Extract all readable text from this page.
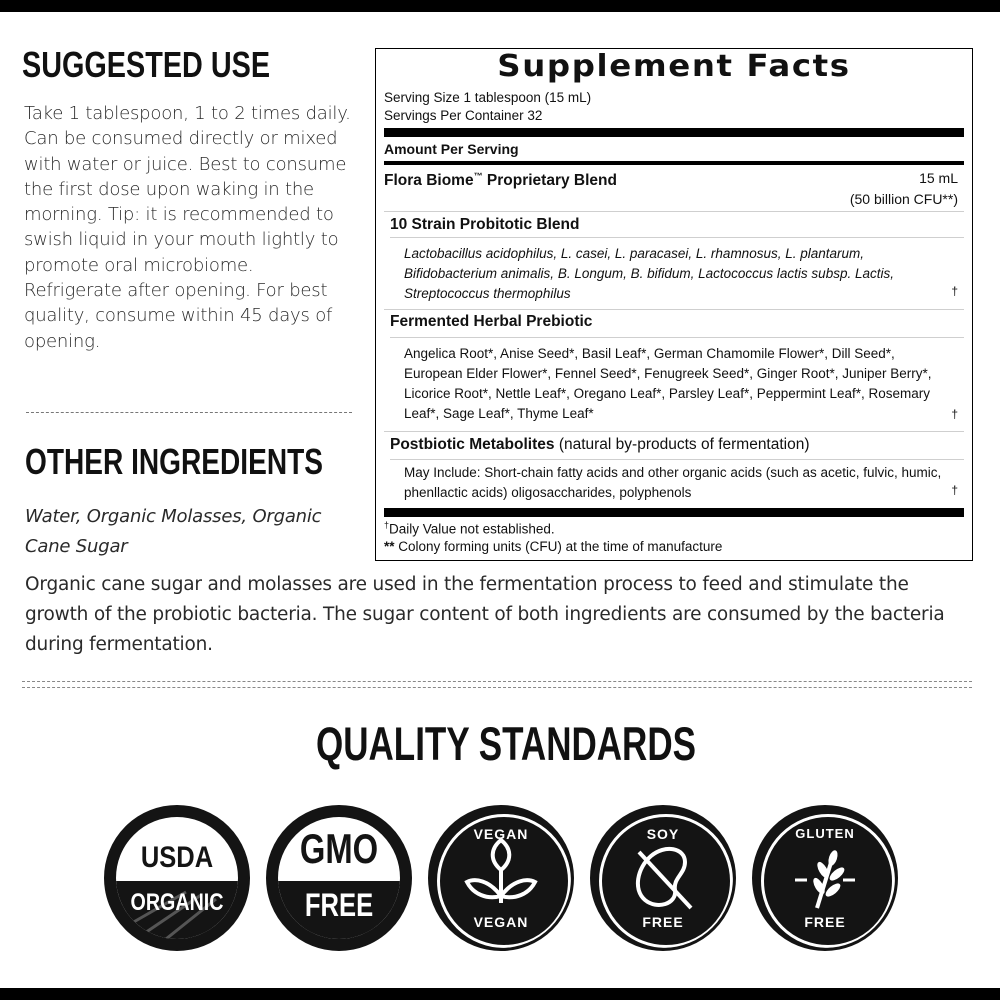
SUGGESTED USE
Take 1 tablespoon, 1 to 2 times daily. Can be consumed directly or mixed with water or juice. Best to consume the first dose upon waking in the morning. Tip: it is recommended to swish liquid in your mouth lightly to promote oral microbiome. Refrigerate after opening. For best quality, consume within 45 days of opening.
OTHER INGREDIENTS
Water, Organic Molasses, Organic Cane Sugar
Supplement Facts
Serving Size 1 tablespoon (15 mL)
Servings Per Container 32
Amount Per Serving
Flora Biome™ Proprietary Blend	15 mL
(50 billion CFU**)
10 Strain Probitotic Blend
Lactobacillus acidophilus, L. casei, L. paracasei, L. rhamnosus, L. plantarum, Bifidobacterium animalis, B. Longum, B. bifidum, Lactococcus lactis subsp. Lactis, Streptococcus thermophilus	†
Fermented Herbal Prebiotic
Angelica Root*, Anise Seed*, Basil Leaf*, German Chamomile Flower*, Dill Seed*, European Elder Flower*, Fennel Seed*, Fenugreek Seed*, Ginger Root*, Juniper Berry*, Licorice Root*, Nettle Leaf*, Oregano Leaf*, Parsley Leaf*, Peppermint Leaf*, Rosemary Leaf*, Sage Leaf*, Thyme Leaf*	†
Postbiotic Metabolites (natural by-products of fermentation)
May Include: Short-chain fatty acids and other organic acids (such as acetic, fulvic, humic, phenllactic acids) oligosaccharides, polyphenols	†
†Daily Value not established.
** Colony forming units (CFU) at the time of manufacture
Organic cane sugar and molasses are used in the fermentation process to feed and stimulate the growth of the probiotic bacteria. The sugar content of both ingredients are consumed by the bacteria during fermentation.
QUALITY STANDARDS
USDA
ORGANIC
GMO
FREE
VEGAN
VEGAN
SOY
FREE
GLUTEN
FREE
